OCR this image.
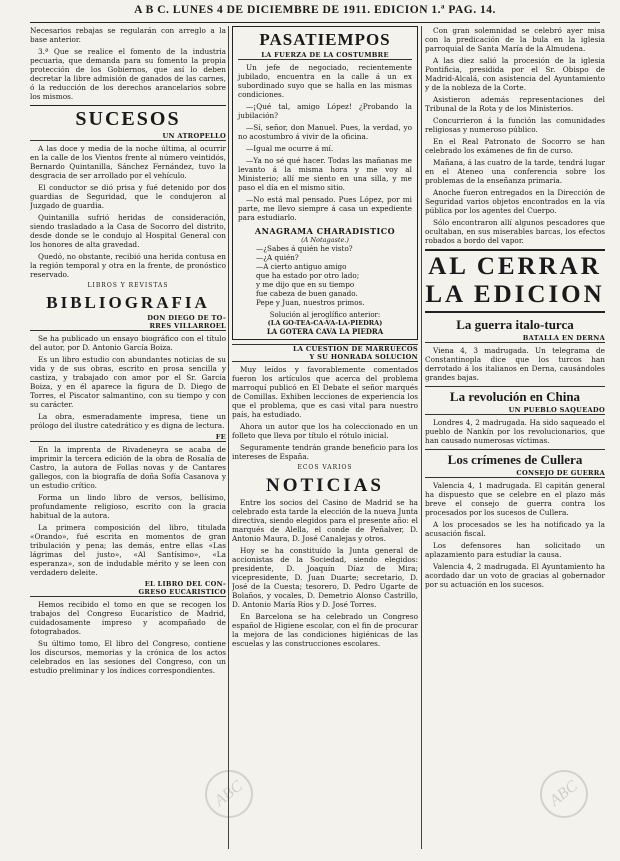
A B C. LUNES 4 DE DICIEMBRE DE 1911. EDICION 1.ª PAG. 14.

Necesarios rebajas se regularán con arreglo a la base anterior.

3.ª Que se realice el fomento de la industria pecuaria, que demanda para su fomento la propia protección de los Gobiernos, que así lo deben decretar la libre admisión de ganados de las carnes, ó la reducción de los derechos arancelarios sobre los mismos.

SUCESOS
UN ATROPELLO

A las doce y media de la noche última, al ocurrir en la calle de los Vientos frente al número veintidós, Bernardo Quintanilla, Sánchez Fernández, tuvo la desgracia de ser arrollado por el vehículo.

El conductor se dió prisa y fué detenido por dos guardias de Seguridad, que le condujeron al Juzgado de guardia.

Quintanilla sufrió heridas de consideración, siendo trasladado a la Casa de Socorro del distrito, desde donde se le condujo al Hospital General con los honores de alta gravedad.

Quedó, no obstante, recibió una herida contusa en la región temporal y otra en la frente, de pronóstico reservado.

LIBROS Y REVISTAS
BIBLIOGRAFIA
DON DIEGO DE TO-
RRES VILLARROEL

Se ha publicado un ensayo biográfico con el título del autor, por D. Antonio García Boiza.

Es un libro estudio con abundantes noticias de su vida y de sus obras, escrito en prosa sencilla y castiza, y trabajado con amor por el Sr. García Boiza, y en él aparece la figura de D. Diego de Torres, el Piscator salmantino, con su tiempo y con su carácter.

La obra, esmeradamente impresa, tiene un prólogo del ilustre catedrático y es digna de lectura.

FE

En la imprenta de Rivadeneyra se acaba de imprimir la tercera edición de la obra de Rosalía de Castro, la autora de Follas novas y de Cantares gallegos, con la biografía de doña Sofía Casanova y un estudio crítico.

Forma un lindo libro de versos, bellísimo, profundamente religioso, escrito con la gracia habitual de la autora.

La primera composición del libro, titulada «Orando», fué escrita en momentos de gran tribulación y pena; las demás, entre ellas «Las lágrimas del justo», «Al Santísimo», «La esperanza», son de indudable mérito y se leen con verdadero deleite.

EL LIBRO DEL CON-
GRESO EUCARISTICO

Hemos recibido el tomo en que se recogen los trabajos del Congreso Eucarístico de Madrid, cuidadosamente impreso y acompañado de fotograbados.

Su último tomo, El libro del Congreso, contiene los discursos, memorias y la crónica de los actos celebrados en las sesiones del Congreso, con un estudio preliminar y los índices correspondientes.

PASATIEMPOS
LA FUERZA DE LA COSTUMBRE

Un jefe de negociado, recientemente jubilado, encuentra en la calle á un ex subordinado suyo que se halla en las mismas condiciones.

—¡Qué tal, amigo López! ¿Probando la jubilación?

—Sí, señor, don Manuel. Pues, la verdad, yo no acostumbro á vivir de la oficina.

—Igual me ocurre á mí.

—Ya no sé qué hacer. Todas las mañanas me levanto á la misma hora y me voy al Ministerio; allí me siento en una silla, y me paso el día en el mismo sitio.

—No está mal pensado. Pues López, por mi parte, me llevo siempre á casa un expediente para estudiarlo.

ANAGRAMA CHARADISTICO
(A Notagaste.)

—¿Sabes á quién he visto?

—¿A quién?

—A cierto antiguo amigo

que ha estado por otro lado;

y me dijo que en su tiempo

fue cabeza de buen ganado.

Pepe y Juan, nuestros primos.

Solución al jeroglífico anterior:
(LA GO-TEA-CA-VA-LA-PIEDRA)
LA GOTERA CAVA LA PIEDRA
LA CUESTION DE MARRUECOS
Y SU HONRADA SOLUCION

Muy leídos y favorablemente comentados fueron los artículos que acerca del problema marroquí publicó en El Debate el señor marqués de Comillas. Exhiben lecciones de experiencia los que el problema, que es casi vital para nuestro país, ha estudiado.

Ahora un autor que los ha coleccionado en un folleto que lleva por título el rótulo inicial.

Seguramente tendrán grande beneficio para los intereses de España.

ECOS VARIOS
NOTICIAS

Entre los socios del Casino de Madrid se ha celebrado esta tarde la elección de la nueva Junta directiva, siendo elegidos para el presente año: el marqués de Alella, el conde de Peñalver, D. Antonio Maura, D. José Canalejas y otros.

Hoy se ha constituído la Junta general de accionistas de la Sociedad, siendo elegidos: presidente, D. Joaquín Díaz de Mira; vicepresidente, D. Juan Duarte; secretario, D. José de la Cuesta; tesorero, D. Pedro Ugarte de Bolaños, y vocales, D. Demetrio Alonso Castrillo, D. Antonio María Ríos y D. José Torres.

En Barcelona se ha celebrado un Congreso español de Higiene escolar, con el fin de procurar la mejora de las condiciones higiénicas de las escuelas y las construcciones escolares.

Con gran solemnidad se celebró ayer misa con la predicación de la bula en la iglesia parroquial de Santa María de la Almudena.

A las diez salió la procesión de la iglesia Pontificia, presidida por el Sr. Obispo de Madrid-Alcalá, con asistencia del Ayuntamiento y de la nobleza de la Corte.

Asistieron además representaciones del Tribunal de la Rota y de los Ministerios.

Concurrieron á la función las comunidades religiosas y numeroso público.

En el Real Patronato de Socorro se han celebrado los exámenes de fin de curso.

Mañana, á las cuatro de la tarde, tendrá lugar en el Ateneo una conferencia sobre los problemas de la enseñanza primaria.

Anoche fueron entregados en la Dirección de Seguridad varios objetos encontrados en la vía pública por los agentes del Cuerpo.

Sólo encontraron allí algunos pescadores que ocultaban, en sus miserables barcas, los efectos robados a bordo del vapor.

AL CERRAR
LA EDICION
La guerra italo-turca
BATALLA EN DERNA

Viena 4, 3 madrugada. Un telegrama de Constantinopla dice que los turcos han derrotado á los italianos en Derna, causándoles grandes bajas.

La revolución en China
UN PUEBLO SAQUEADO

Londres 4, 2 madrugada. Ha sido saqueado el pueblo de Nankín por los revolucionarios, que han causado numerosas víctimas.

Los crímenes de Cullera
CONSEJO DE GUERRA

Valencia 4, 1 madrugada. El capitán general ha dispuesto que se celebre en el plazo más breve el consejo de guerra contra los procesados por los sucesos de Cullera.

A los procesados se les ha notificado ya la acusación fiscal.

Los defensores han solicitado un aplazamiento para estudiar la causa.

Valencia 4, 2 madrugada. El Ayuntamiento ha acordado dar un voto de gracias al gobernador por su actuación en los sucesos.

ABC	ABC
